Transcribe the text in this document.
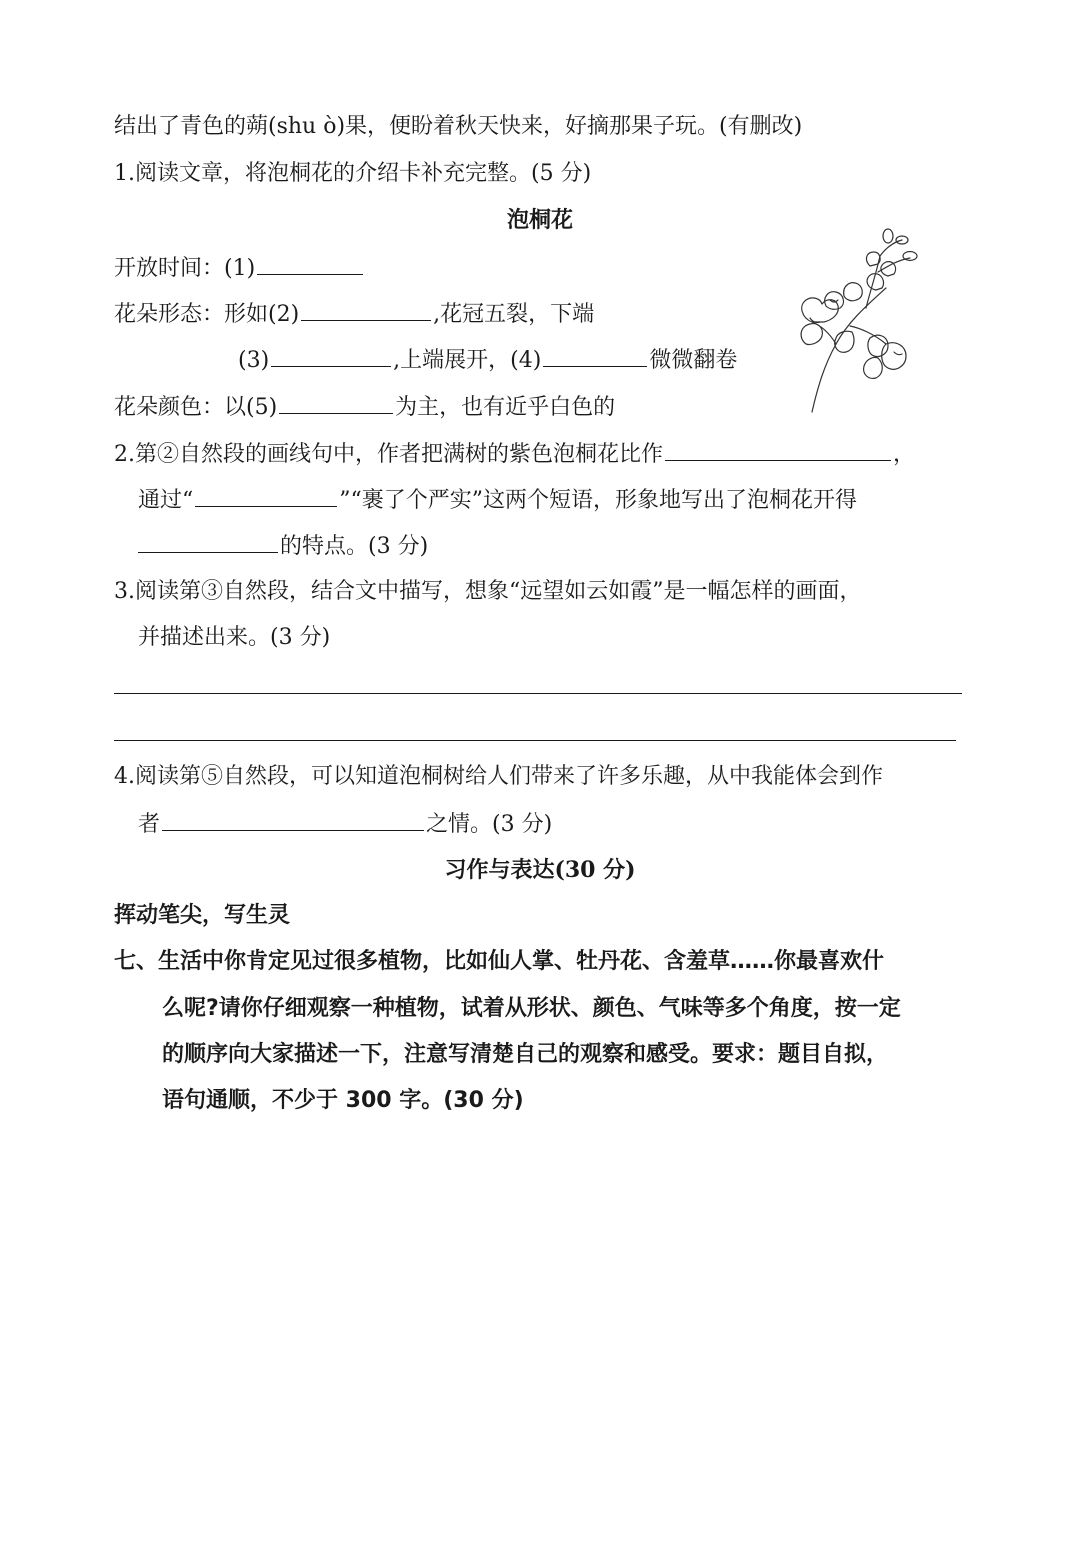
结出了青色的蒴(shu ò)果，便盼着秋天快来，好摘那果子玩。(有删改)
1.阅读文章，将泡桐花的介绍卡补充完整。(5 分)
泡桐花
开放时间：(1)
花朵形态：形如(2)	,花冠五裂，下端
(3)	,上端展开，(4)	微微翻卷
花朵颜色：以(5)	为主，也有近乎白色的
2.第②自然段的画线句中，作者把满树的紫色泡桐花比作	，
通过“	”“裹了个严实”这两个短语，形象地写出了泡桐花开得
的特点。(3 分)
3.阅读第③自然段，结合文中描写，想象“远望如云如霞”是一幅怎样的画面，
并描述出来。(3 分)
4.阅读第⑤自然段，可以知道泡桐树给人们带来了许多乐趣，从中我能体会到作
者	之情。(3 分)
习作与表达(30 分)
挥动笔尖，写生灵
七、生活中你肯定见过很多植物，比如仙人掌、牡丹花、含羞草……你最喜欢什
么呢?请你仔细观察一种植物，试着从形状、颜色、气味等多个角度，按一定
的顺序向大家描述一下，注意写清楚自己的观察和感受。要求：题目自拟，
语句通顺，不少于 300 字。(30 分)
